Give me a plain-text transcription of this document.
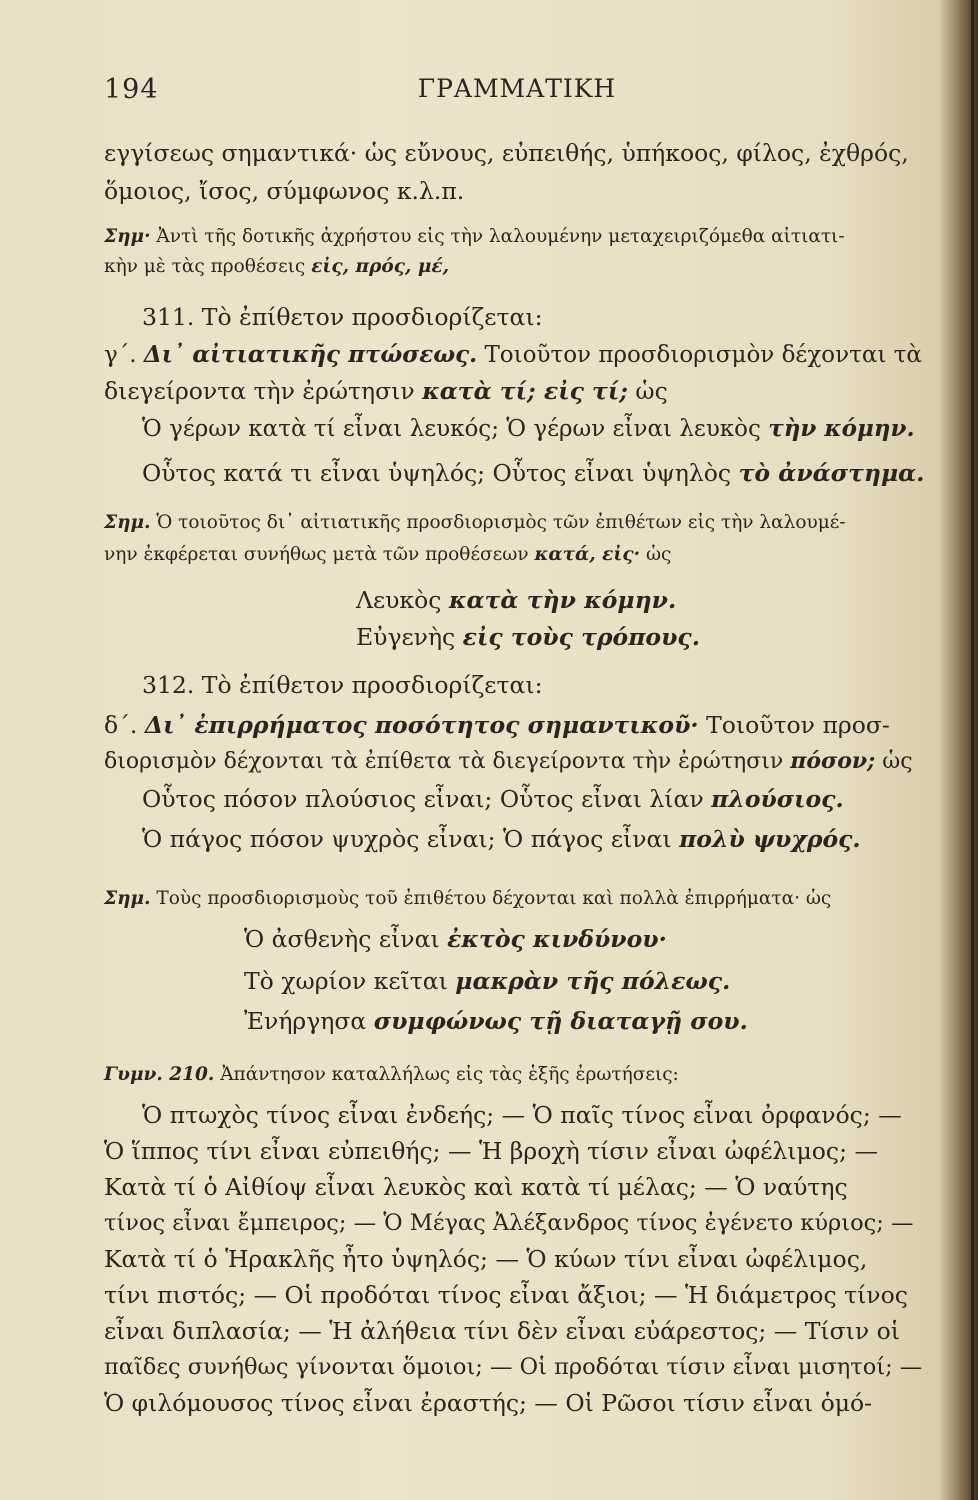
194	ΓΡΑΜΜΑΤΙΚΗ
εγγίσεως σημαντικά· ὡς εὔνους, εὐπειθής, ὑπήκοος, φίλος, ἐχθρός,
ὅμοιος, ἴσος, σύμφωνος κ.λ.π.
Σημ· Ἀντὶ τῆς δοτικῆς ἀχρήστου εἰς τὴν λαλουμένην μεταχειριζόμεθα αἰτιατι-
κὴν μὲ τὰς προθέσεις εἰς, πρός, μέ,
311. Τὸ ἐπίθετον προσδιορίζεται:
γ΄. Δι᾿ αἰτιατικῆς πτώσεως. Τοιοῦτον προσδιορισμὸν δέχονται τὰ
διεγείροντα τὴν ἐρώτησιν κατὰ τί; εἰς τί; ὡς
Ὁ γέρων κατὰ τί εἶναι λευκός; Ὁ γέρων εἶναι λευκὸς τὴν κόμην.
Οὗτος κατά τι εἶναι ὑψηλός; Οὗτος εἶναι ὑψηλὸς τὸ ἀνάστημα.
Σημ. Ὁ τοιοῦτος δι᾿ αἰτιατικῆς προσδιορισμὸς τῶν ἐπιθέτων εἰς τὴν λαλουμέ-
νην ἐκφέρεται συνήθως μετὰ τῶν προθέσεων κατά, εἰς· ὡς
Λευκὸς κατὰ τὴν κόμην.
Εὐγενὴς εἰς τοὺς τρόπους.
312. Τὸ ἐπίθετον προσδιορίζεται:
δ΄. Δι᾿ ἐπιρρήματος ποσότητος σημαντικοῦ· Τοιοῦτον προσ-
διορισμὸν δέχονται τὰ ἐπίθετα τὰ διεγείροντα τὴν ἐρώτησιν πόσον; ὡς
Οὗτος πόσον πλούσιος εἶναι; Οὗτος εἶναι λίαν πλούσιος.
Ὁ πάγος πόσον ψυχρὸς εἶναι; Ὁ πάγος εἶναι πολὺ ψυχρός.
Σημ. Τοὺς προσδιορισμοὺς τοῦ ἐπιθέτου δέχονται καὶ πολλὰ ἐπιρρήματα· ὡς
Ὁ ἀσθενὴς εἶναι ἐκτὸς κινδύνου·
Τὸ χωρίον κεῖται μακρὰν τῆς πόλεως.
Ἐνήργησα συμφώνως τῇ διαταγῇ σου.
Γυμν. 210. Ἀπάντησον καταλλήλως εἰς τὰς ἑξῆς ἐρωτήσεις:
Ὁ πτωχὸς τίνος εἶναι ἐνδεής; — Ὁ παῖς τίνος εἶναι ὀρφανός; —
Ὁ ἵππος τίνι εἶναι εὐπειθής; — Ἡ βροχὴ τίσιν εἶναι ὠφέλιμος; —
Κατὰ τί ὁ Αἰθίοψ εἶναι λευκὸς καὶ κατὰ τί μέλας; — Ὁ ναύτης
τίνος εἶναι ἔμπειρος; — Ὁ Μέγας Ἀλέξανδρος τίνος ἐγένετο κύριος; —
Κατὰ τί ὁ Ἡρακλῆς ἦτο ὑψηλός; — Ὁ κύων τίνι εἶναι ὠφέλιμος,
τίνι πιστός; — Οἱ προδόται τίνος εἶναι ἄξιοι; — Ἡ διάμετρος τίνος
εἶναι διπλασία; — Ἡ ἀλήθεια τίνι δὲν εἶναι εὐάρεστος; — Τίσιν οἱ
παῖδες συνήθως γίνονται ὅμοιοι; — Οἱ προδόται τίσιν εἶναι μισητοί; —
Ὁ φιλόμουσος τίνος εἶναι ἐραστής; — Οἱ Ρῶσοι τίσιν εἶναι ὁμό-
